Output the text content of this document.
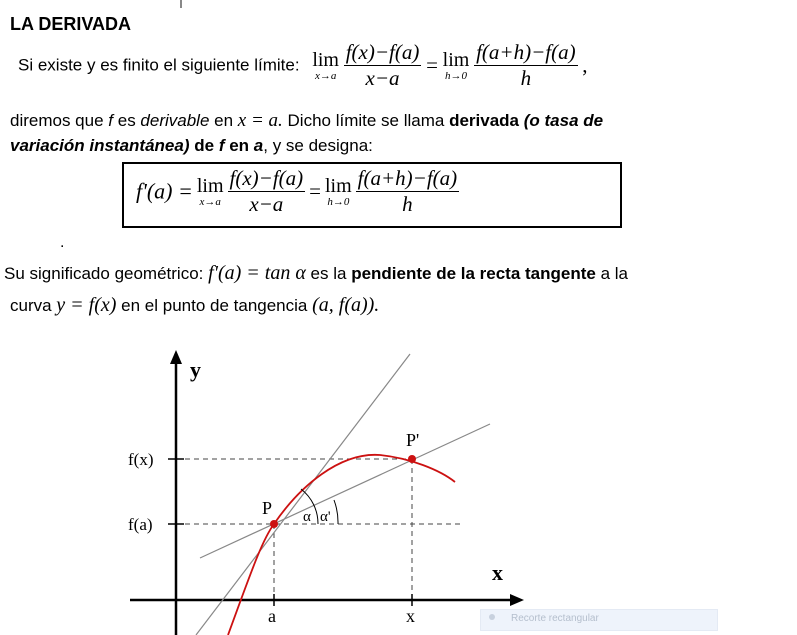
LA DERIVADA
Si existe y es finito el siguiente límite: lim
x→a
$\frac{f(x)-f(a)}{x-a} = \lim$
h→0
$\frac{f(a+h)-f(a)}{h}$ ,
diremos que f es derivable en x = a. Dicho límite se llama derivada (o tasa de
variación instantánea) de f en a, y se designa:
f'(a) = lim
x→a
$\frac{f(x)-f(a)}{x-a} = \lim$
h→0
$\frac{f(a+h)-f(a)}{h}$
.
Su significado geométrico: f'(a) = tan α es la pendiente de la recta tangente a la
curva y = f(x) en el punto de tangencia (a, f(a)).
y
x
f(x)
f(a)
a	x
P
P'
α α'
Recorte rectangular
